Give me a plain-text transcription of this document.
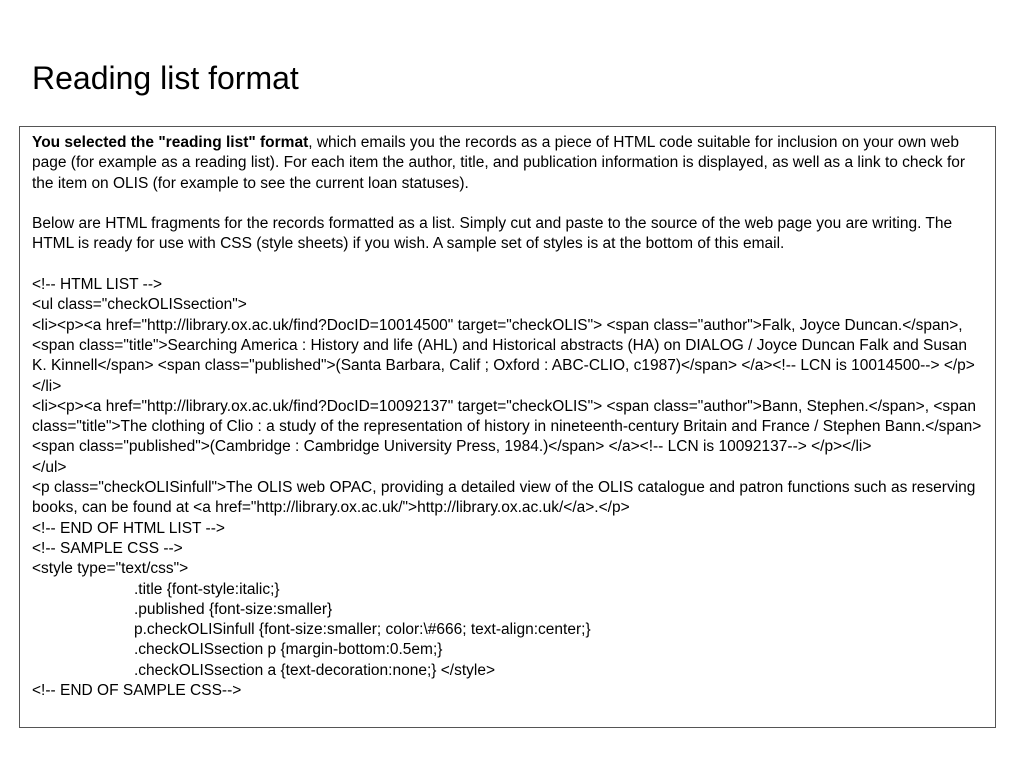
Reading list format

You selected the "reading list" format, which emails you the records as a piece of HTML code suitable for inclusion on your own web page (for example as a reading list). For each item the author, title, and publication information is displayed, as well as a link to check for the item on OLIS (for example to see the current loan statuses).

Below are HTML fragments for the records formatted as a list. Simply cut and paste to the source of the web page you are writing. The HTML is ready for use with CSS (style sheets) if you wish. A sample set of styles is at the bottom of this email.

<!-- HTML LIST -->
<ul class="checkOLISsection">
<li><p><a href="http://library.ox.ac.uk/find?DocID=10014500" target="checkOLIS"> <span class="author">Falk, Joyce Duncan.</span>, <span class="title">Searching America : History and life (AHL) and Historical abstracts (HA) on DIALOG / Joyce Duncan Falk and Susan K. Kinnell</span> <span class="published">(Santa Barbara, Calif ; Oxford : ABC-CLIO, c1987)</span> </a><!-- LCN is 10014500--> </p></li>
<li><p><a href="http://library.ox.ac.uk/find?DocID=10092137" target="checkOLIS"> <span class="author">Bann, Stephen.</span>, <span class="title">The clothing of Clio : a study of the representation of history in nineteenth-century Britain and France / Stephen Bann.</span> <span class="published">(Cambridge : Cambridge University Press, 1984.)</span> </a><!-- LCN is 10092137--> </p></li>
</ul>
<p class="checkOLISinfull">The OLIS web OPAC, providing a detailed view of the OLIS catalogue and patron functions such as reserving books, can be found at <a href="http://library.ox.ac.uk/">http://library.ox.ac.uk/</a>.</p>
<!-- END OF HTML LIST -->
<!-- SAMPLE CSS -->
<style type="text/css">
.title {font-style:italic;}
.published {font-size:smaller}
p.checkOLISinfull {font-size:smaller; color:\#666; text-align:center;}
.checkOLISsection p {margin-bottom:0.5em;}
.checkOLISsection a {text-decoration:none;} </style>
<!-- END OF SAMPLE CSS-->
